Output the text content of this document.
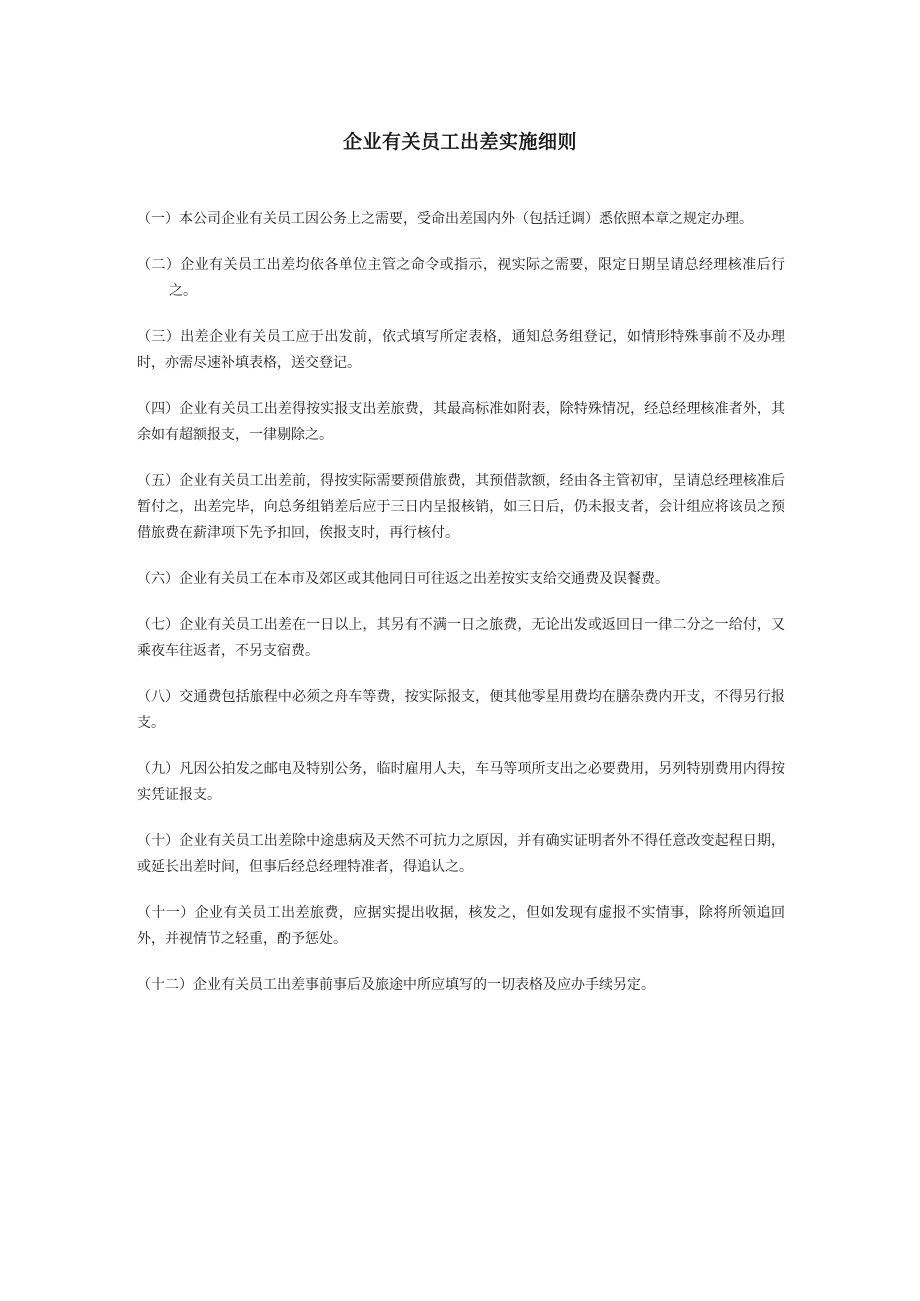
企业有关员工出差实施细则

（一）本公司企业有关员工因公务上之需要，受命出差国内外（包括迁调）悉依照本章之规定办理。

（二）企业有关员工出差均依各单位主管之命令或指示，视实际之需要，限定日期呈请总经理核准后行之。

（三）出差企业有关员工应于出发前，依式填写所定表格，通知总务组登记，如情形特殊事前不及办理时，亦需尽速补填表格，送交登记。

（四）企业有关员工出差得按实报支出差旅费，其最高标准如附表，除特殊情况，经总经理核准者外，其余如有超额报支，一律剔除之。

（五）企业有关员工出差前，得按实际需要预借旅费，其预借款额，经由各主管初审，呈请总经理核准后暂付之，出差完毕，向总务组销差后应于三日内呈报核销，如三日后，仍未报支者，会计组应将该员之预借旅费在薪津项下先予扣回，俟报支时，再行核付。

（六）企业有关员工在本市及郊区或其他同日可往返之出差按实支给交通费及误餐费。

（七）企业有关员工出差在一日以上，其另有不满一日之旅费，无论出发或返回日一律二分之一给付，又乘夜车往返者，不另支宿费。

（八）交通费包括旅程中必须之舟车等费，按实际报支，便其他零星用费均在膳杂费内开支，不得另行报支。

（九）凡因公拍发之邮电及特别公务，临时雇用人夫，车马等项所支出之必要费用，另列特别费用内得按实凭证报支。

（十）企业有关员工出差除中途患病及天然不可抗力之原因，并有确实证明者外不得任意改变起程日期，或延长出差时间，但事后经总经理特准者，得追认之。

（十一）企业有关员工出差旅费，应据实提出收据，核发之，但如发现有虚报不实情事，除将所领追回外，并视情节之轻重，酌予惩处。

（十二）企业有关员工出差事前事后及旅途中所应填写的一切表格及应办手续另定。
